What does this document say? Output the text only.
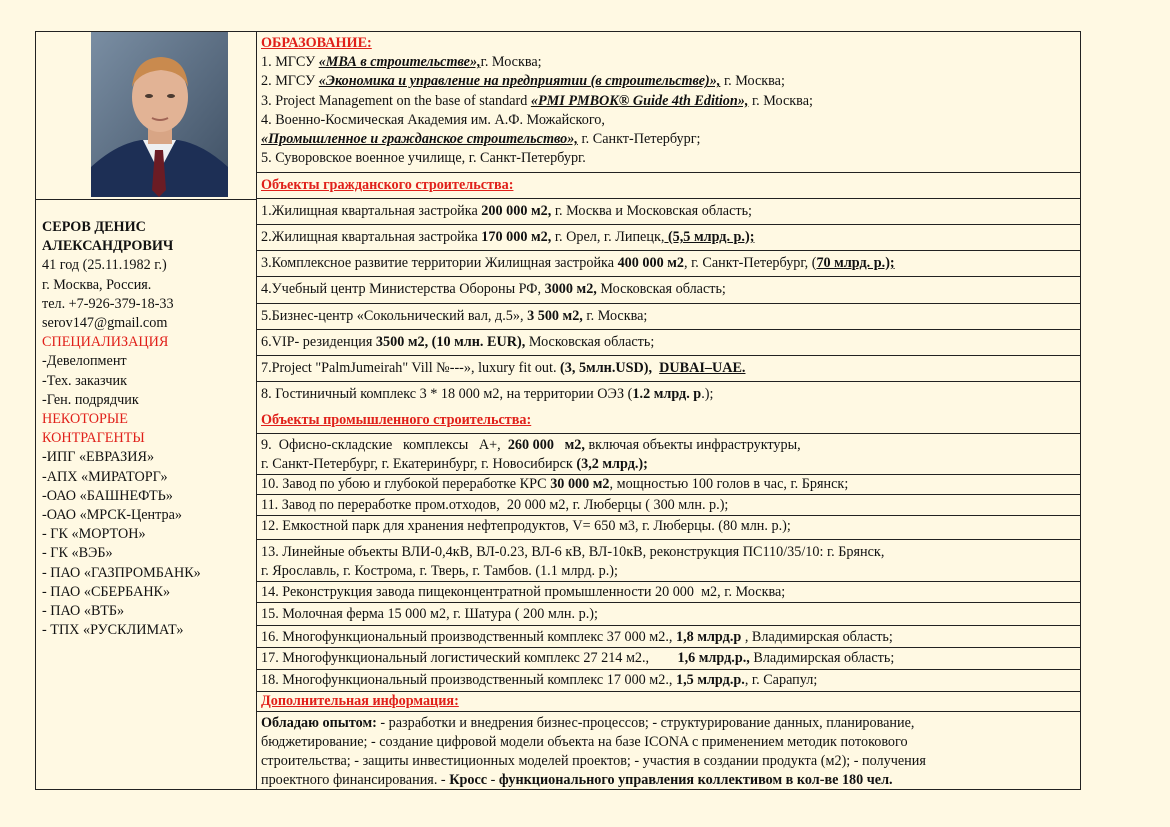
СЕРОВ ДЕНИС
АЛЕКСАНДРОВИЧ
41 год (25.11.1982 г.)
г. Москва, Россия.
тел. +7-926-379-18-33
serov147@gmail.com
СПЕЦИАЛИЗАЦИЯ
-Девелопмент
-Тех. заказчик
-Ген. подрядчик
НЕКОТОРЫЕ
КОНТРАГЕНТЫ
-ИПГ «ЕВРАЗИЯ»
-АПХ «МИРАТОРГ»
-ОАО «БАШНЕФТЬ»
-ОАО «МРСК-Центра»
- ГК «МОРТОН»
- ГК «ВЭБ»
- ПАО «ГАЗПРОМБАНК»
- ПАО «СБЕРБАНК»
- ПАО «ВТБ»
- ТПХ «РУСКЛИМАТ»
ОБРАЗОВАНИЕ:
1. МГСУ «МВА в строительстве»,г. Москва;
2. МГСУ «Экономика и управление на предприятии (в строительстве)», г. Москва;
3. Project Management on the base of standard «PMI PMBOK® Guide 4th Edition», г. Москва;
4. Военно-Космическая Академия им. А.Ф. Можайского,
«Промышленное и гражданское строительство», г. Санкт-Петербург;
5. Суворовское военное училище, г. Санкт-Петербург.
Объекты гражданского строительства:
1.Жилищная квартальная застройка 200 000 м2, г. Москва и Московская область;
2.Жилищная квартальная застройка 170 000 м2, г. Орел, г. Липецк, (5,5 млрд. р.);
3.Комплексное развитие территории Жилищная застройка 400 000 м2, г. Санкт-Петербург, (70 млрд. р.);
4.Учебный центр Министерства Обороны РФ, 3000 м2, Московская область;
5.Бизнес-центр «Сокольнический вал, д.5», 3 500 м2, г. Москва;
6.VIP- резиденция 3500 м2, (10 млн. EUR), Московская область;
7.Project "PalmJumeirah" Vill №---», luxury fit out. (3, 5млн.USD), DUBAI–UAE.
8. Гостиничный комплекс 3 * 18 000 м2, на территории ОЭЗ (1.2 млрд. р.);
Объекты промышленного строительства:
9.  Офисно-складские   комплексы   А+,  260 000   м2, включая объекты инфраструктуры,
г. Санкт-Петербург, г. Екатеринбург, г. Новосибирск (3,2 млрд.);
10. Завод по убою и глубокой переработке КРС 30 000 м2, мощностью 100 голов в час, г. Брянск;
11. Завод по переработке пром.отходов,  20 000 м2, г. Люберцы ( 300 млн. р.);
12. Емкостной парк для хранения нефтепродуктов, V= 650 м3, г. Люберцы. (80 млн. р.);
13. Линейные объекты ВЛИ-0,4кВ, ВЛ-0.23, ВЛ-6 кВ, ВЛ-10кВ, реконструкция ПС110/35/10: г. Брянск,
г. Ярославль, г. Кострома, г. Тверь, г. Тамбов. (1.1 млрд. р.);
14. Реконструкция завода пищеконцентратной промышленности 20 000  м2, г. Москва;
15. Молочная ферма 15 000 м2, г. Шатура ( 200 млн. р.);
16. Многофункциональный производственный комплекс 37 000 м2., 1,8 млрд.р , Владимирская область;
17. Многофункциональный логистический комплекс 27 214 м2.,        1,6 млрд.р., Владимирская область;
18. Многофункциональный производственный комплекс 17 000 м2., 1,5 млрд.р., г. Сарапул;
Дополнительная информация:
Обладаю опытом: - разработки и внедрения бизнес-процессов; - структурирование данных, планирование,
бюджетирование; - создание цифровой модели объекта на базе ICONA с применением методик потокового
строительства; - защиты инвестиционных моделей проектов; - участия в создании продукта (м2); - получения
проектного финансирования. - Кросс - функционального управления коллективом в кол-ве 180 чел.
